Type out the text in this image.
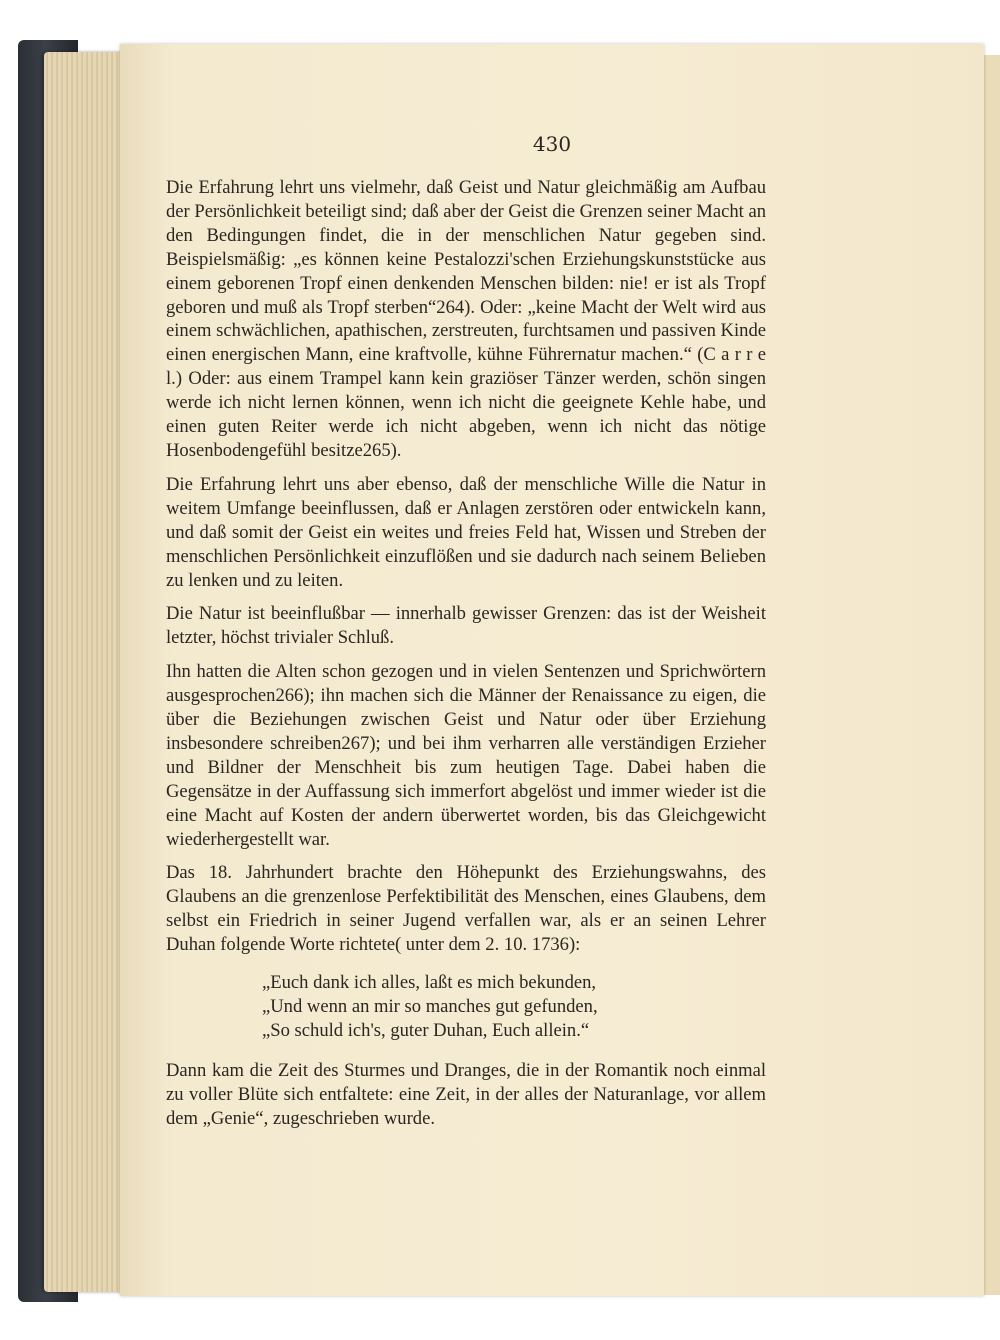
430

Die Erfahrung lehrt uns vielmehr, daß Geist und Natur gleichmäßig am Aufbau der Persönlichkeit beteiligt sind; daß aber der Geist die Grenzen seiner Macht an den Bedingungen findet, die in der menschlichen Natur gegeben sind. Beispielsmäßig: „es können keine Pestalozzi'schen Erziehungskunststücke aus einem geborenen Tropf einen denkenden Menschen bilden: nie! er ist als Tropf geboren und muß als Tropf sterben“264). Oder: „keine Macht der Welt wird aus einem schwächlichen, apathischen, zerstreuten, furchtsamen und passiven Kinde einen energischen Mann, eine kraftvolle, kühne Führernatur machen.“ (C a r r e l.) Oder: aus einem Trampel kann kein graziöser Tänzer werden, schön singen werde ich nicht lernen können, wenn ich nicht die geeignete Kehle habe, und einen guten Reiter werde ich nicht abgeben, wenn ich nicht das nötige Hosenbodengefühl besitze265).

Die Erfahrung lehrt uns aber ebenso, daß der menschliche Wille die Natur in weitem Umfange beeinflussen, daß er Anlagen zerstören oder entwickeln kann, und daß somit der Geist ein weites und freies Feld hat, Wissen und Streben der menschlichen Persönlichkeit einzuflößen und sie dadurch nach seinem Belieben zu lenken und zu leiten.

Die Natur ist beeinflußbar — innerhalb gewisser Grenzen: das ist der Weisheit letzter, höchst trivialer Schluß.

Ihn hatten die Alten schon gezogen und in vielen Sentenzen und Sprichwörtern ausgesprochen266); ihn machen sich die Männer der Renaissance zu eigen, die über die Beziehungen zwischen Geist und Natur oder über Erziehung insbesondere schreiben267); und bei ihm verharren alle verständigen Erzieher und Bildner der Menschheit bis zum heutigen Tage. Dabei haben die Gegensätze in der Auffassung sich immerfort abgelöst und immer wieder ist die eine Macht auf Kosten der andern überwertet worden, bis das Gleichgewicht wiederhergestellt war.

Das 18. Jahrhundert brachte den Höhepunkt des Erziehungswahns, des Glaubens an die grenzenlose Perfektibilität des Menschen, eines Glaubens, dem selbst ein Friedrich in seiner Jugend verfallen war, als er an seinen Lehrer Duhan folgende Worte richtete( unter dem 2. 10. 1736):

„Euch dank ich alles, laßt es mich bekunden,
„Und wenn an mir so manches gut gefunden,
„So schuld ich's, guter Duhan, Euch allein.“

Dann kam die Zeit des Sturmes und Dranges, die in der Romantik noch einmal zu voller Blüte sich entfaltete: eine Zeit, in der alles der Naturanlage, vor allem dem „Genie“, zugeschrieben wurde.
